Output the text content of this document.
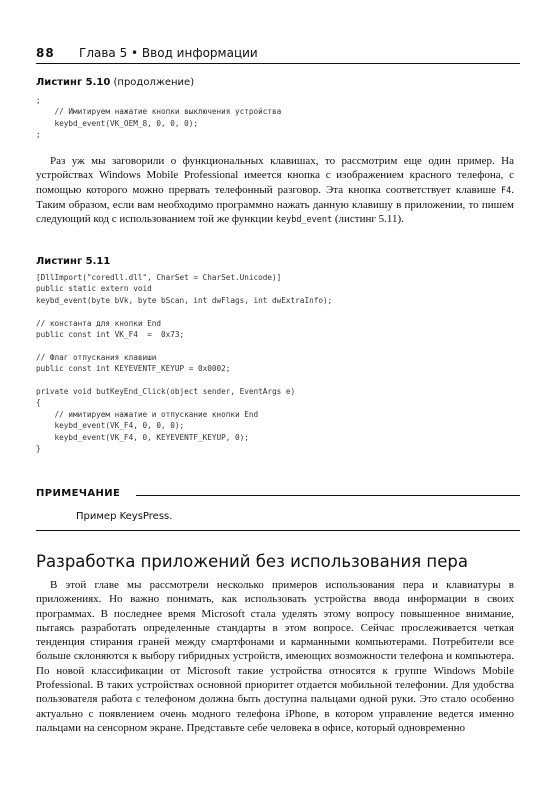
88 Глава 5 • Ввод информации
Листинг 5.10 (продолжение)
;
// Имитируем нажатие кнопки выключения устройства
keybd_event(VK_OEM_8, 0, 0, 0);
;

Раз уж мы заговорили о функциональных клавишах, то рассмотрим еще один пример. На устройствах Windows Mobile Professional имеется кнопка с изображением красного телефона, с помощью которого можно прервать телефонный разговор. Эта кнопка соответствует клавише F4. Таким образом, если вам необходимо программно нажать данную клавишу в приложении, то пишем следующий код с использованием той же функции keybd_event (листинг 5.11).

Листинг 5.11
[DllImport("coredll.dll", CharSet = CharSet.Unicode)]
public static extern void
keybd_event(byte bVk, byte bScan, int dwFlags, int dwExtraInfo);

// константа для кнопки End
public const int VK_F4  =  0x73;

// Флаг отпускания клавиши
public const int KEYEVENTF_KEYUP = 0x0002;

private void butKeyEnd_Click(object sender, EventArgs e)
{
// имитируем нажатие и отпускание кнопки End
keybd_event(VK_F4, 0, 0, 0);
keybd_event(VK_F4, 0, KEYEVENTF_KEYUP, 0);
}
ПРИМЕЧАНИЕ
Пример KeysPress.
Разработка приложений без использования пера

В этой главе мы рассмотрели несколько примеров использования пера и клавиатуры в приложениях. Но важно понимать, как использовать устройства ввода информации в своих программах. В последнее время Microsoft стала уделять этому вопросу повышенное внимание, пытаясь разработать определенные стандарты в этом вопросе. Сейчас прослеживается четкая тенденция стирания граней между смартфонами и карманными компьютерами. Потребители все больше склоняются к выбору гибридных устройств, имеющих возможности телефона и компьютера. По новой классификации от Microsoft такие устройства относятся к группе Windows Mobile Professional. В таких устройствах основной приоритет отдается мобильной телефонии. Для удобства пользователя работа с телефоном должна быть доступна пальцами одной руки. Это стало особенно актуально с появлением очень модного телефона iPhone, в котором управление ведется именно пальцами на сенсорном экране. Представьте себе человека в офисе, который одновременно
